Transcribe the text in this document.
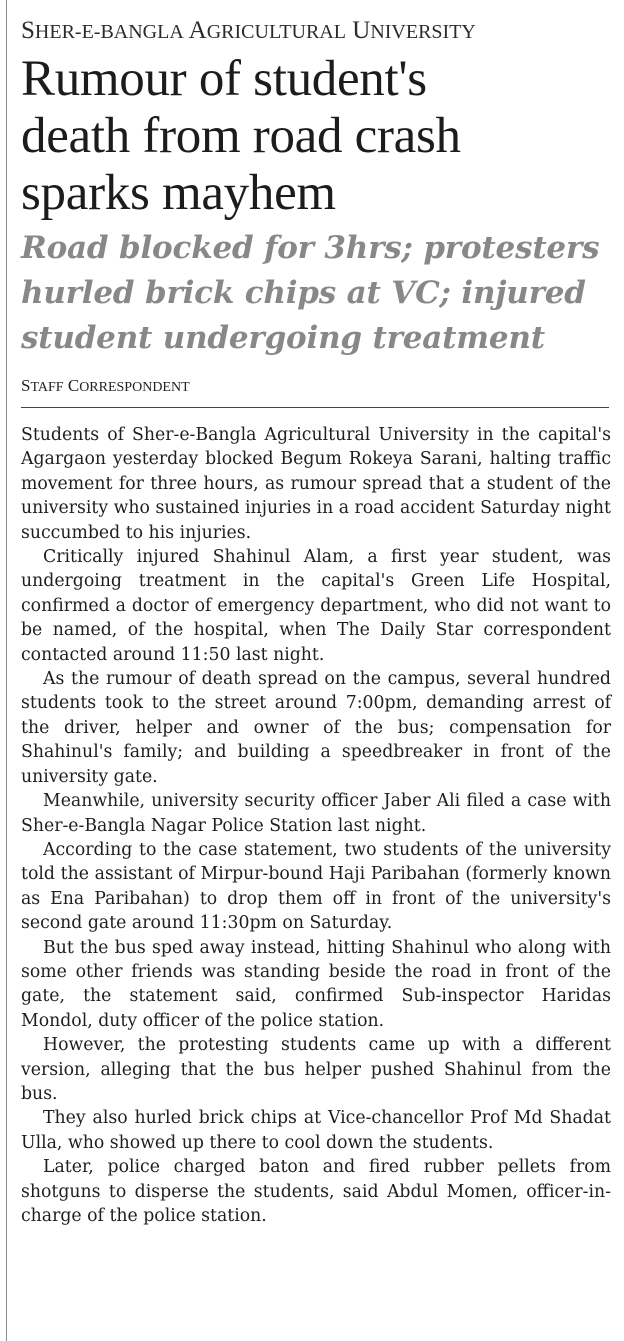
SHER-E-BANGLA AGRICULTURAL UNIVERSITY
Rumour of student's
death from road crash
sparks mayhem
Road blocked for 3hrs; protesters
hurled brick chips at VC; injured
student undergoing treatment
STAFF CORRESPONDENT

Students of Sher-e-Bangla Agricultural University in the capital's Agargaon yesterday blocked Begum Rokeya Sarani, halting traffic movement for three hours, as rumour spread that a student of the university who sustained injuries in a road accident Saturday night succumbed to his injuries.

Critically injured Shahinul Alam, a first year student, was undergoing treatment in the capital's Green Life Hospital, confirmed a doctor of emergency department, who did not want to be named, of the hospital, when The Daily Star correspondent contacted around 11:50 last night.

As the rumour of death spread on the campus, several hundred students took to the street around 7:00pm, demanding arrest of the driver, helper and owner of the bus; compensation for Shahinul's family; and building a speedbreaker in front of the university gate.

Meanwhile, university security officer Jaber Ali filed a case with Sher-e-Bangla Nagar Police Station last night.

According to the case statement, two students of the university told the assistant of Mirpur-bound Haji Paribahan (formerly known as Ena Paribahan) to drop them off in front of the university's second gate around 11:30pm on Saturday.

But the bus sped away instead, hitting Shahinul who along with some other friends was standing beside the road in front of the gate, the statement said, confirmed Sub-inspector Haridas Mondol, duty officer of the police station.

However, the protesting students came up with a different version, alleging that the bus helper pushed Shahinul from the bus.

They also hurled brick chips at Vice-chancellor Prof Md Shadat Ulla, who showed up there to cool down the students.

Later, police charged baton and fired rubber pellets from shotguns to disperse the students, said Abdul Momen, officer-in-charge of the police station.
